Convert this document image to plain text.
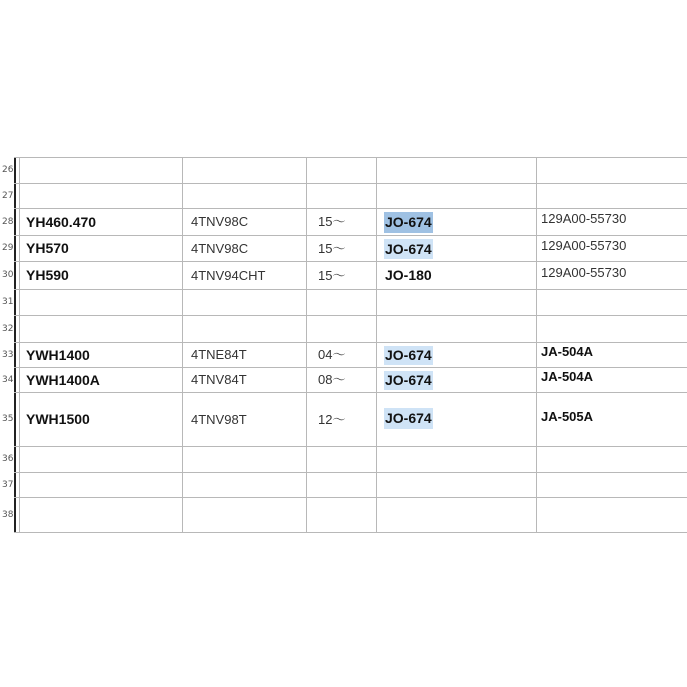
26
27
28 YH460.470	4TNV98C	15～	JO-674	129A00-55730
29 YH570	4TNV98C	15～	JO-674	129A00-55730
30 YH590	4TNV94CHT	15～	JO-180	129A00-55730
31
32
33 YWH1400	4TNE84T	04～	JO-674	JA-504A
34 YWH1400A	4TNV84T	08～	JO-674	JA-504A
35 YWH1500	4TNV98T	12～	JO-674	JA-505A
36
37
38
